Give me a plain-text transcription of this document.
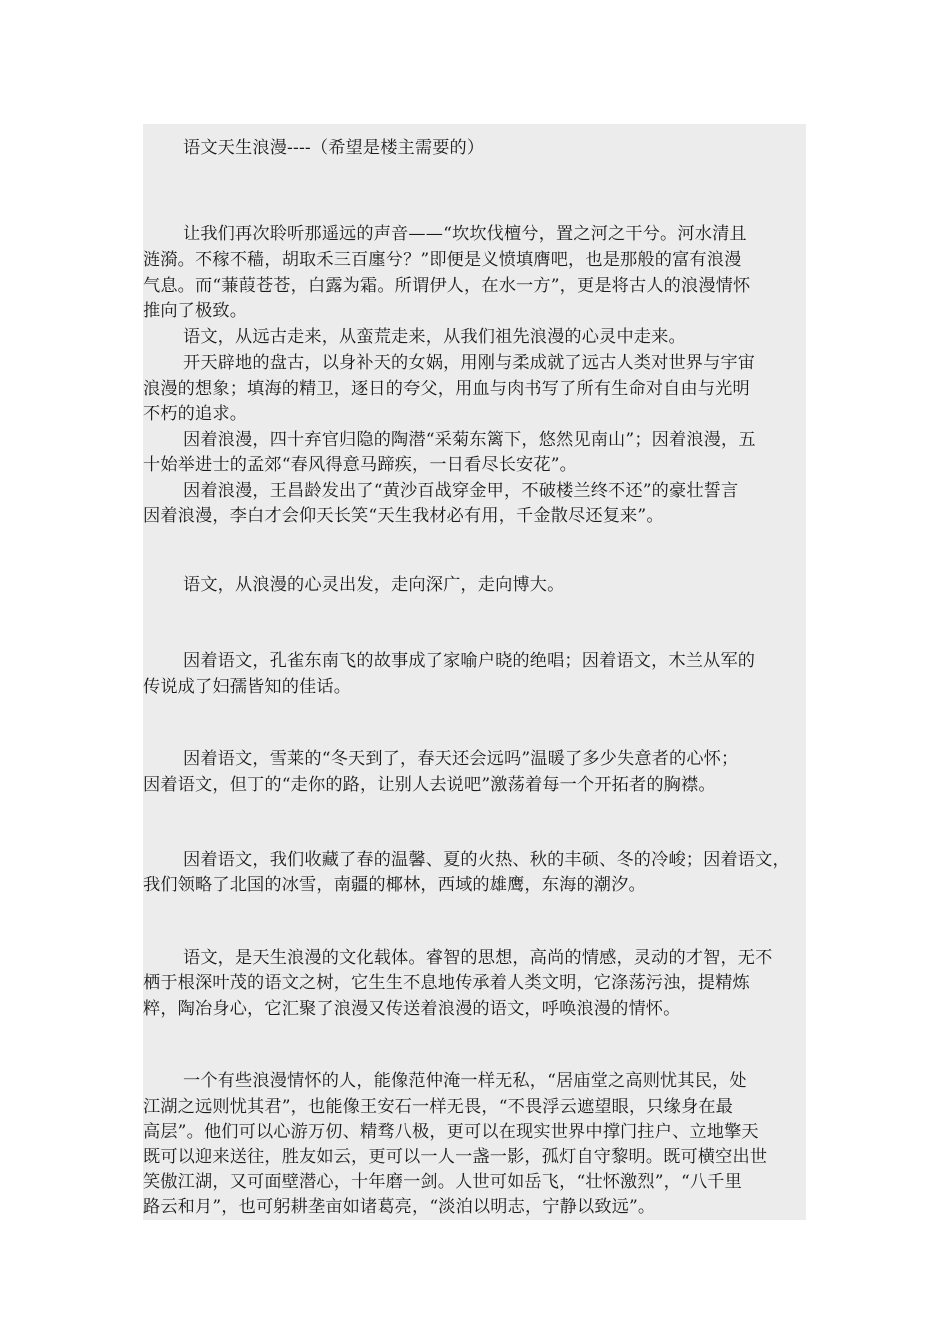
语文天生浪漫----（希望是楼主需要的）
让我们再次聆听那遥远的声音——“坎坎伐檀兮，置之河之干兮。河水清且
涟漪。不稼不穑，胡取禾三百廛兮？”即便是义愤填膺吧，也是那般的富有浪漫
气息。而“蒹葭苍苍，白露为霜。所谓伊人，在水一方”，更是将古人的浪漫情怀
推向了极致。
语文，从远古走来，从蛮荒走来，从我们祖先浪漫的心灵中走来。
开天辟地的盘古，以身补天的女娲，用刚与柔成就了远古人类对世界与宇宙
浪漫的想象；填海的精卫，逐日的夸父，用血与肉书写了所有生命对自由与光明
不朽的追求。
因着浪漫，四十弃官归隐的陶潜“采菊东篱下，悠然见南山”；因着浪漫，五
十始举进士的孟郊“春风得意马蹄疾，一日看尽长安花”。
因着浪漫，王昌龄发出了“黄沙百战穿金甲，不破楼兰终不还”的豪壮誓言
因着浪漫，李白才会仰天长笑“天生我材必有用，千金散尽还复来”。
语文，从浪漫的心灵出发，走向深广，走向博大。
因着语文，孔雀东南飞的故事成了家喻户晓的绝唱；因着语文，木兰从军的
传说成了妇孺皆知的佳话。
因着语文，雪莱的“冬天到了，春天还会远吗”温暖了多少失意者的心怀；
因着语文，但丁的“走你的路，让别人去说吧”激荡着每一个开拓者的胸襟。
因着语文，我们收藏了春的温馨、夏的火热、秋的丰硕、冬的冷峻；因着语文，
我们领略了北国的冰雪，南疆的椰林，西域的雄鹰，东海的潮汐。
语文，是天生浪漫的文化载体。睿智的思想，高尚的情感，灵动的才智，无不
栖于根深叶茂的语文之树，它生生不息地传承着人类文明，它涤荡污浊，提精炼
粹，陶冶身心，它汇聚了浪漫又传送着浪漫的语文，呼唤浪漫的情怀。
一个有些浪漫情怀的人，能像范仲淹一样无私，“居庙堂之高则忧其民，处
江湖之远则忧其君”，也能像王安石一样无畏，“不畏浮云遮望眼，只缘身在最
高层”。他们可以心游万仞、精骛八极，更可以在现实世界中撑门拄户、立地擎天
既可以迎来送往，胜友如云，更可以一人一盏一影，孤灯自守黎明。既可横空出世
笑傲江湖，又可面壁潜心，十年磨一剑。人世可如岳飞，“壮怀激烈”，“八千里
路云和月”，也可躬耕垄亩如诸葛亮，“淡泊以明志，宁静以致远”。
